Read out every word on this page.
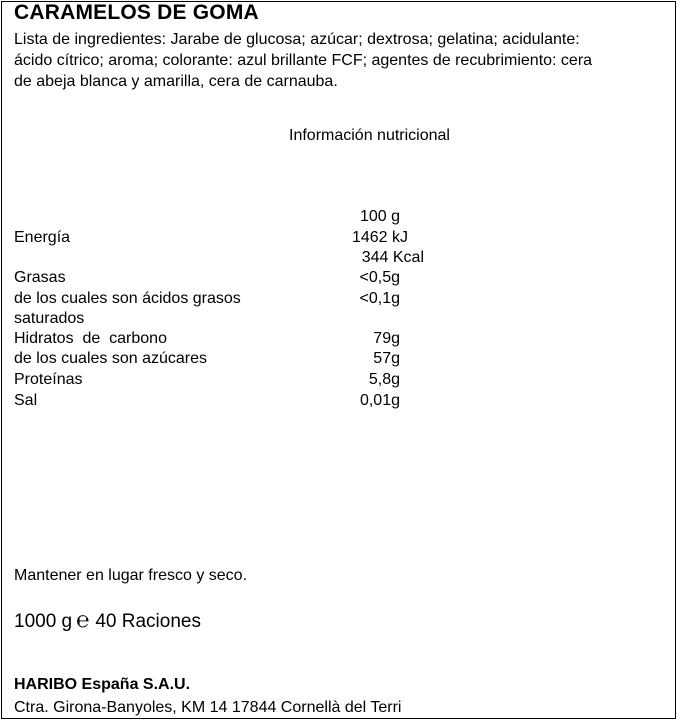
CARAMELOS DE GOMA
Lista de ingredientes: Jarabe de glucosa; azúcar; dextrosa; gelatina; acidulante: ácido cítrico; aroma; colorante: azul brillante FCF; agentes de recubrimiento: cera de abeja blanca y amarilla, cera de carnauba.
Información nutricional
100 g
Energía	1462 kJ
344 Kcal
Grasas	<0,5g
de los cuales son ácidos grasos	<0,1g
saturados
Hidratos  de  carbono	79g
de los cuales son azúcares	57g
Proteínas	5,8g
Sal	0,01g
Mantener en lugar fresco y seco.
1000 g ℮ 40 Raciones
HARIBO España S.A.U.
Ctra. Girona-Banyoles, KM 14 17844 Cornellà del Terri
